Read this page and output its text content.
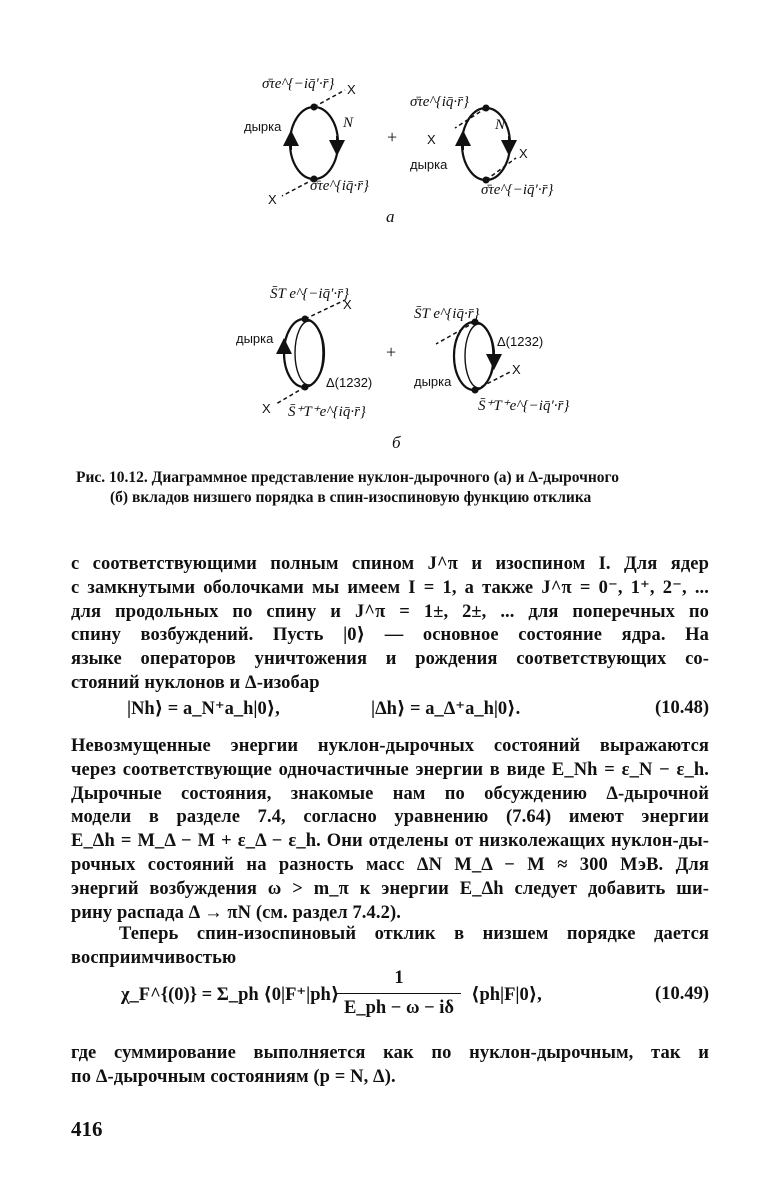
σ̄τe^{−iq̄′·r̄}
σ̄τe^{iq̄·r̄}
дырка	N
X
X
+
σ̄τe^{iq̄·r̄}
σ̄τe^{−iq̄′·r̄}
дырка
N
X
X
S̄T e^{−iq̄′·r̄}
S̄⁺T⁺e^{iq̄·r̄}
дырка
Δ(1232)
X
X
+
S̄T e^{iq̄·r̄}
S̄⁺T⁺e^{−iq̄′·r̄}
дырка
Δ(1232)
X
а
б
Рис. 10.12. Диаграммное представление нуклон-дырочного (а) и Δ-дырочного
(б) вкладов низшего порядка в спин-изоспиновую функцию отклика
с соответствующими полным спином J^π и изоспином I. Для ядер
с замкнутыми оболочками мы имеем I = 1, а также J^π = 0⁻, 1⁺, 2⁻, ...
для продольных по спину и J^π = 1±, 2±, ... для поперечных по
спину возбуждений. Пусть |0⟩ — основное состояние ядра. На
языке операторов уничтожения и рождения соответствующих со-
стояний нуклонов и Δ-изобар
|Nh⟩ = a_N⁺a_h|0⟩,	|Δh⟩ = a_Δ⁺a_h|0⟩.	(10.48)
Невозмущенные энергии нуклон-дырочных состояний выражаются
через соответствующие одночастичные энергии в виде E_Nh = ε_N − ε_h.
Дырочные состояния, знакомые нам по обсуждению Δ-дырочной
модели в разделе 7.4, согласно уравнению (7.64) имеют энергии
E_Δh = M_Δ − M + ε_Δ − ε_h. Они отделены от низколежащих нуклон-ды-
рочных состояний на разность масс ΔN M_Δ − M ≈ 300 МэВ. Для
энергий возбуждения ω > m_π к энергии E_Δh следует добавить ши-
рину распада Δ → πN (см. раздел 7.4.2).
Теперь спин-изоспиновый отклик в низшем порядке дается
восприимчивостью
χ_F^{(0)} = Σ_ph ⟨0|F⁺|ph⟩
1
E_ph − ω − iδ
⟨ph|F|0⟩,	(10.49)
где суммирование выполняется как по нуклон-дырочным, так и
по Δ-дырочным состояниям (p = N, Δ).
416
